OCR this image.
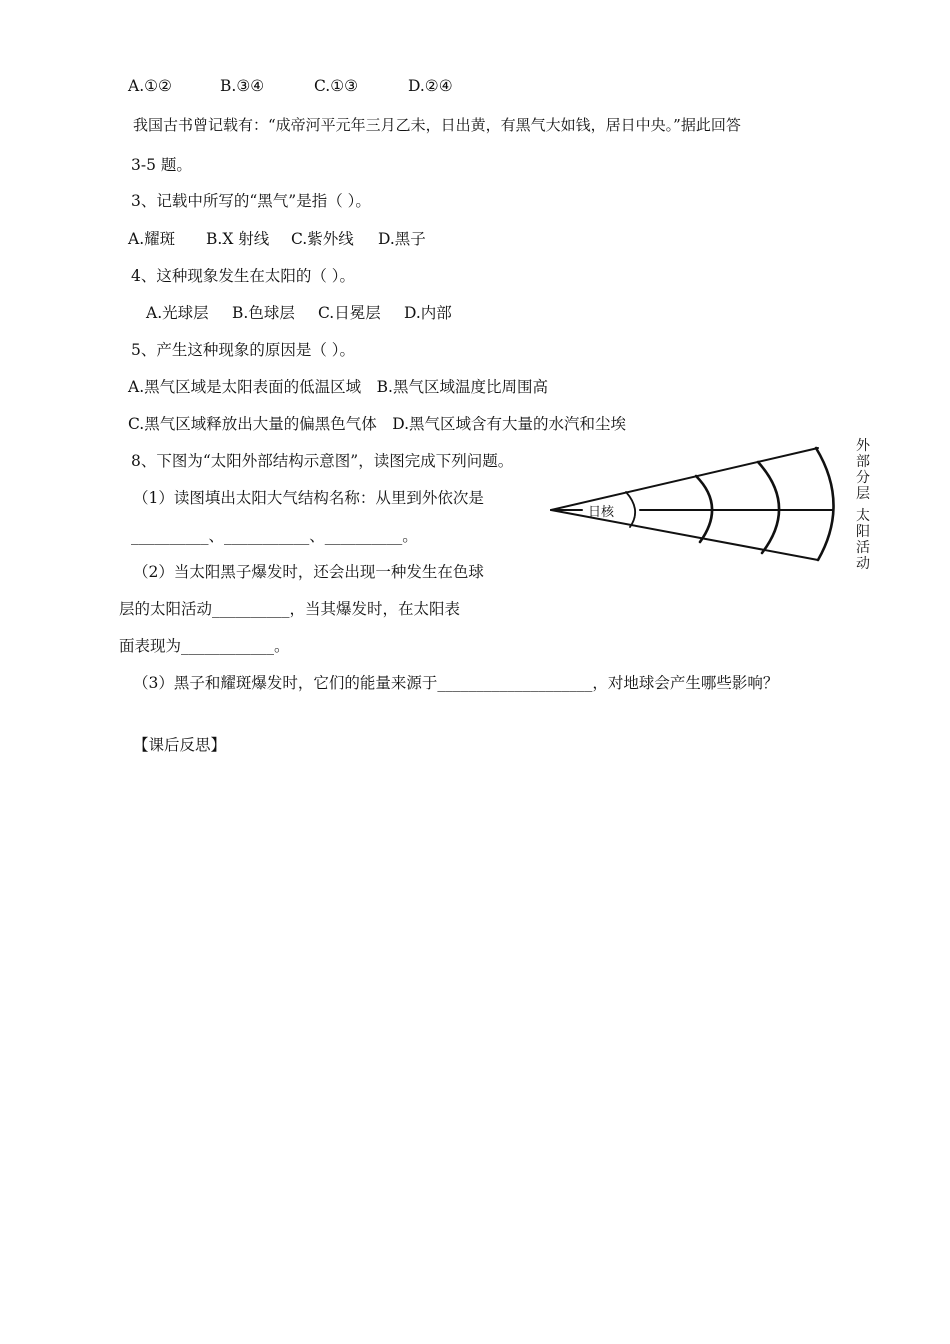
A.①②	B.③④	C.①③	D.②④
我国古书曾记载有：“成帝河平元年三月乙未，日出黄，有黑气大如钱，居日中央。”据此回答
3-5 题。
3、记载中所写的“黑气”是指（ ）。
A.耀斑 B.X 射线 C.紫外线 D.黑子
4、这种现象发生在太阳的（ ）。
A.光球层 B.色球层 C.日冕层 D.内部
5、产生这种现象的原因是（ ）。
A.黑气区域是太阳表面的低温区域　B.黑气区域温度比周围高
C.黑气区域释放出大量的偏黑色气体　D.黑气区域含有大量的水汽和尘埃
8、下图为“太阳外部结构示意图”，读图完成下列问题。
（1）读图填出太阳大气结构名称：从里到外依次是
__________、___________、__________。
（2）当太阳黑子爆发时，还会出现一种发生在色球
层的太阳活动__________，当其爆发时，在太阳表
面表现为____________。
（3）黑子和耀斑爆发时，它们的能量来源于____________________，对地球会产生哪些影响？
【课后反思】
日核
外部分层
太阳活动
